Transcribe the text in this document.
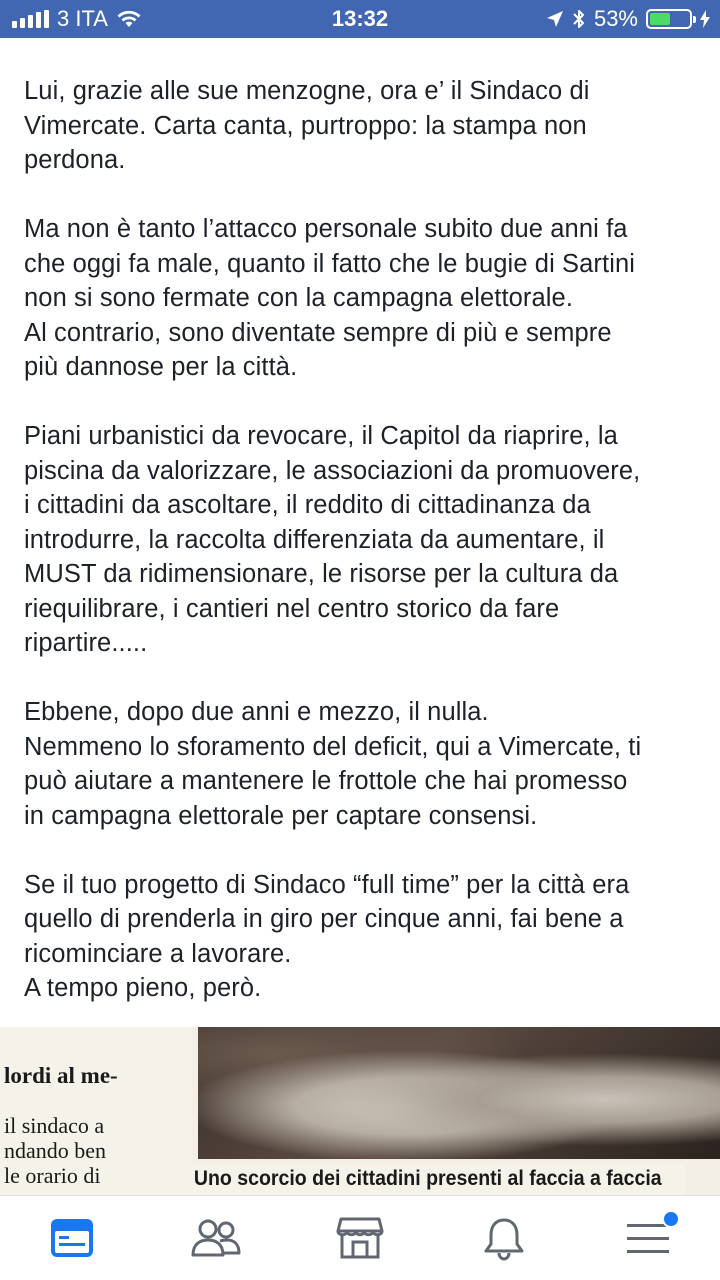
3 ITA	13:32	53%

Lui, grazie alle sue menzogne, ora e’ il Sindaco di
Vimercate. Carta canta, purtroppo: la stampa non
perdona.

Ma non è tanto l’attacco personale subito due anni fa
che oggi fa male, quanto il fatto che le bugie di Sartini
non si sono fermate con la campagna elettorale.
Al contrario, sono diventate sempre di più e sempre
più dannose per la città.

Piani urbanistici da revocare, il Capitol da riaprire, la
piscina da valorizzare, le associazioni da promuovere,
i cittadini da ascoltare, il reddito di cittadinanza da
introdurre, la raccolta differenziata da aumentare, il
MUST da ridimensionare, le risorse per la cultura da
riequilibrare, i cantieri nel centro storico da fare
ripartire.....

Ebbene, dopo due anni e mezzo, il nulla.
Nemmeno lo sforamento del deficit, qui a Vimercate, ti
può aiutare a mantenere le frottole che hai promesso
in campagna elettorale per captare consensi.

Se il tuo progetto di Sindaco “full time” per la città era
quello di prenderla in giro per cinque anni, fai bene a
ricominciare a lavorare.
A tempo pieno, però.

lordi al me-
il sindaco a
ndando ben
le orario di	Uno scorcio dei cittadini presenti al faccia a faccia
